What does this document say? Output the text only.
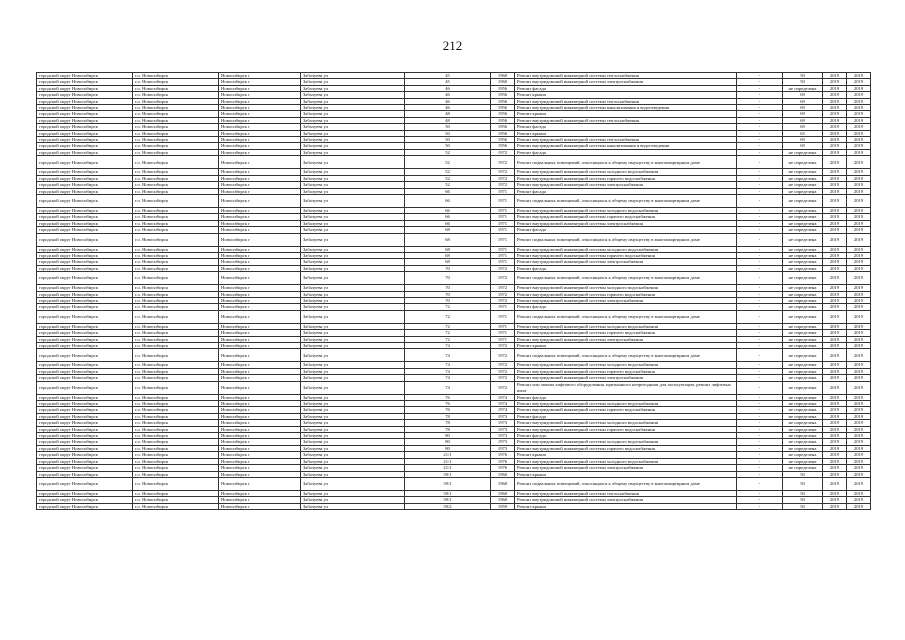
212
городской округ Новосибирск	г.о. Новосибирск	Новосибирск г	Забалуева ул	45	1960	Ремонт внутридомовой инженерной системы теплоснабжения	-	50	2019	2019
городской округ Новосибирск	г.о. Новосибирск	Новосибирск г	Забалуева ул	45	1960	Ремонт внутридомовой инженерной системы электроснабжения	-	50	2019	2019
городской округ Новосибирск	г.о. Новосибирск	Новосибирск г	Забалуева ул	46	1956	Ремонт фасада	-	не определена	2019	2019
городской округ Новосибирск	г.о. Новосибирск	Новосибирск г	Забалуева ул	46	1956	Ремонт крыши	-	69	2019	2019
городской округ Новосибирск	г.о. Новосибирск	Новосибирск г	Забалуева ул	46	1956	Ремонт внутридомовой инженерной системы теплоснабжения	-	69	2019	2019
городской округ Новосибирск	г.о. Новосибирск	Новосибирск г	Забалуева ул	46	1956	Ремонт внутридомовой инженерной системы канализования и водоотведения	-	69	2019	2019
городской округ Новосибирск	г.о. Новосибирск	Новосибирск г	Забалуева ул	48	1956	Ремонт крыши	-	69	2019	2019
городской округ Новосибирск	г.о. Новосибирск	Новосибирск г	Забалуева ул	48	1956	Ремонт внутридомовой инженерной системы теплоснабжения	-	69	2019	2019
городской округ Новосибирск	г.о. Новосибирск	Новосибирск г	Забалуева ул	50	1956	Ремонт фасада	-	69	2019	2019
городской округ Новосибирск	г.о. Новосибирск	Новосибирск г	Забалуева ул	50	1956	Ремонт крыши	-	65	2019	2019
городской округ Новосибирск	г.о. Новосибирск	Новосибирск г	Забалуева ул	50	1956	Ремонт внутридомовой инженерной системы теплоснабжения	-	69	2019	2019
городской округ Новосибирск	г.о. Новосибирск	Новосибирск г	Забалуева ул	50	1956	Ремонт внутридомовой инженерной системы канализования и водоотведения	-	69	2019	2019
городской округ Новосибирск	г.о. Новосибирск	Новосибирск г	Забалуева ул	52	1972	Ремонт фасада	-	не определена	2019	2019
городской округ Новосибирск	г.о. Новосибирск	Новосибирск г	Забалуева ул	52	1972	Ремонт подвальных помещений, относящихся к общему имуществу в многоквартирном доме	-	не определена	2019	2019
городской округ Новосибирск	г.о. Новосибирск	Новосибирск г	Забалуева ул	52	1972	Ремонт внутридомовой инженерной системы холодного водоснабжения	-	не определена	2019	2019
городской округ Новосибирск	г.о. Новосибирск	Новосибирск г	Забалуева ул	52	1972	Ремонт внутридомовой инженерной системы горячего водоснабжения	-	не определена	2019	2019
городской округ Новосибирск	г.о. Новосибирск	Новосибирск г	Забалуева ул	52	1972	Ремонт внутридомовой инженерной системы электроснабжения	-	не определена	2019	2019
городской округ Новосибирск	г.о. Новосибирск	Новосибирск г	Забалуева ул	66	1971	Ремонт фасада	-	не определена	2019	2019
городской округ Новосибирск	г.о. Новосибирск	Новосибирск г	Забалуева ул	66	1971	Ремонт подвальных помещений, относящихся к общему имуществу в многоквартирном доме	-	не определена	2019	2019
городской округ Новосибирск	г.о. Новосибирск	Новосибирск г	Забалуева ул	66	1971	Ремонт внутридомовой инженерной системы холодного водоснабжения	-	не определена	2019	2019
городской округ Новосибирск	г.о. Новосибирск	Новосибирск г	Забалуева ул	66	1971	Ремонт внутридомовой инженерной системы горячего водоснабжения	-	не определена	2019	2019
городской округ Новосибирск	г.о. Новосибирск	Новосибирск г	Забалуева ул	66	1971	Ремонт внутридомовой инженерной системы электроснабжения	-	не определена	2019	2019
городской округ Новосибирск	г.о. Новосибирск	Новосибирск г	Забалуева ул	68	1971	Ремонт фасада	-	не определена	2019	2019
городской округ Новосибирск	г.о. Новосибирск	Новосибирск г	Забалуева ул	68	1971	Ремонт подвальных помещений, относящихся к общему имуществу в многоквартирном доме	-	не определена	2019	2019
городской округ Новосибирск	г.о. Новосибирск	Новосибирск г	Забалуева ул	68	1971	Ремонт внутридомовой инженерной системы холодного водоснабжения	-	не определена	2019	2019
городской округ Новосибирск	г.о. Новосибирск	Новосибирск г	Забалуева ул	68	1971	Ремонт внутридомовой инженерной системы горячего водоснабжения	-	не определена	2019	2019
городской округ Новосибирск	г.о. Новосибирск	Новосибирск г	Забалуева ул	68	1971	Ремонт внутридомовой инженерной системы электроснабжения	-	не определена	2019	2019
городской округ Новосибирск	г.о. Новосибирск	Новосибирск г	Забалуева ул	70	1972	Ремонт фасада	-	не определена	2019	2019
городской округ Новосибирск	г.о. Новосибирск	Новосибирск г	Забалуева ул	70	1972	Ремонт подвальных помещений, относящихся к общему имуществу в многоквартирном доме	-	не определена	2019	2019
городской округ Новосибирск	г.о. Новосибирск	Новосибирск г	Забалуева ул	70	1972	Ремонт внутридомовой инженерной системы холодного водоснабжения	-	не определена	2019	2019
городской округ Новосибирск	г.о. Новосибирск	Новосибирск г	Забалуева ул	70	1972	Ремонт внутридомовой инженерной системы горячего водоснабжения	-	не определена	2019	2019
городской округ Новосибирск	г.о. Новосибирск	Новосибирск г	Забалуева ул	70	1972	Ремонт внутридомовой инженерной системы электроснабжения	-	не определена	2019	2019
городской округ Новосибирск	г.о. Новосибирск	Новосибирск г	Забалуева ул	72	1971	Ремонт фасада	-	не определена	2019	2019
городской округ Новосибирск	г.о. Новосибирск	Новосибирск г	Забалуева ул	72	1971	Ремонт подвальных помещений, относящихся к общему имуществу в многоквартирном доме	-	не определена	2019	2019
городской округ Новосибирск	г.о. Новосибирск	Новосибирск г	Забалуева ул	72	1971	Ремонт внутридомовой инженерной системы холодного водоснабжения	-	не определена	2019	2019
городской округ Новосибирск	г.о. Новосибирск	Новосибирск г	Забалуева ул	72	1971	Ремонт внутридомовой инженерной системы горячего водоснабжения	-	не определена	2019	2019
городской округ Новосибирск	г.о. Новосибирск	Новосибирск г	Забалуева ул	72	1971	Ремонт внутридомовой инженерной системы электроснабжения	-	не определена	2019	2019
городской округ Новосибирск	г.о. Новосибирск	Новосибирск г	Забалуева ул	74	1972	Ремонт крыши	-	не определена	2019	2019
городской округ Новосибирск	г.о. Новосибирск	Новосибирск г	Забалуева ул	74	1972	Ремонт подвальных помещений, относящихся к общему имуществу в многоквартирном доме	-	не определена	2019	2019
городской округ Новосибирск	г.о. Новосибирск	Новосибирск г	Забалуева ул	74	1972	Ремонт внутридомовой инженерной системы холодного водоснабжения	-	не определена	2019	2019
городской округ Новосибирск	г.о. Новосибирск	Новосибирск г	Забалуева ул	74	1972	Ремонт внутридомовой инженерной системы горячего водоснабжения	-	не определена	2019	2019
городской округ Новосибирск	г.о. Новосибирск	Новосибирск г	Забалуева ул	74	1972	Ремонт внутридомовой инженерной системы электроснабжения	-	не определена	2019	2019
городской округ Новосибирск	г.о. Новосибирск	Новосибирск г	Забалуева ул	74	1972	Ремонт или замена лифтового оборудования, признанного непригодным для эксплуатации, ремонт лифтовых шахт	-	не определена	2019	2019
городской округ Новосибирск	г.о. Новосибирск	Новосибирск г	Забалуева ул	76	1974	Ремонт фасада	-	не определена	2019	2019
городской округ Новосибирск	г.о. Новосибирск	Новосибирск г	Забалуева ул	76	1974	Ремонт внутридомовой инженерной системы холодного водоснабжения	-	не определена	2019	2019
городской округ Новосибирск	г.о. Новосибирск	Новосибирск г	Забалуева ул	76	1974	Ремонт внутридомовой инженерной системы горячего водоснабжения	-	не определена	2019	2019
городской округ Новосибирск	г.о. Новосибирск	Новосибирск г	Забалуева ул	78	1973	Ремонт фасада	-	не определена	2019	2019
городской округ Новосибирск	г.о. Новосибирск	Новосибирск г	Забалуева ул	78	1973	Ремонт внутридомовой инженерной системы холодного водоснабжения	-	не определена	2019	2019
городской округ Новосибирск	г.о. Новосибирск	Новосибирск г	Забалуева ул	78	1973	Ремонт внутридомовой инженерной системы горячего водоснабжения	-	не определена	2019	2019
городской округ Новосибирск	г.о. Новосибирск	Новосибирск г	Забалуева ул	80	1973	Ремонт фасада	-	не определена	2019	2019
городской округ Новосибирск	г.о. Новосибирск	Новосибирск г	Забалуева ул	80	1973	Ремонт внутридомовой инженерной системы холодного водоснабжения	-	не определена	2019	2019
городской округ Новосибирск	г.о. Новосибирск	Новосибирск г	Забалуева ул	80	1973	Ремонт внутридомовой инженерной системы горячего водоснабжения	-	не определена	2019	2019
городской округ Новосибирск	г.о. Новосибирск	Новосибирск г	Забалуева ул	21/1	1976	Ремонт крыши	-	не определена	2019	2019
городской округ Новосибирск	г.о. Новосибирск	Новосибирск г	Забалуева ул	21/1	1976	Ремонт внутридомовой инженерной системы холодного водоснабжения	-	не определена	2019	2019
городской округ Новосибирск	г.о. Новосибирск	Новосибирск г	Забалуева ул	21/1	1976	Ремонт внутридомовой инженерной системы электроснабжения	-	не определена	2019	2019
городской округ Новосибирск	г.о. Новосибирск	Новосибирск г	Забалуева ул	39/1	1960	Ремонт крыши	-	50	2019	2019
городской округ Новосибирск	г.о. Новосибирск	Новосибирск г	Забалуева ул	39/1	1960	Ремонт подвальных помещений, относящихся к общему имуществу в многоквартирном доме	-	50	2019	2019
городской округ Новосибирск	г.о. Новосибирск	Новосибирск г	Забалуева ул	39/1	1960	Ремонт внутридомовой инженерной системы теплоснабжения	-	50	2019	2019
городской округ Новосибирск	г.о. Новосибирск	Новосибирск г	Забалуева ул	39/1	1960	Ремонт внутридомовой инженерной системы электроснабжения	-	50	2019	2019
городской округ Новосибирск	г.о. Новосибирск	Новосибирск г	Забалуева ул	39/2	1959	Ремонт крыши	-	50	2019	2019
